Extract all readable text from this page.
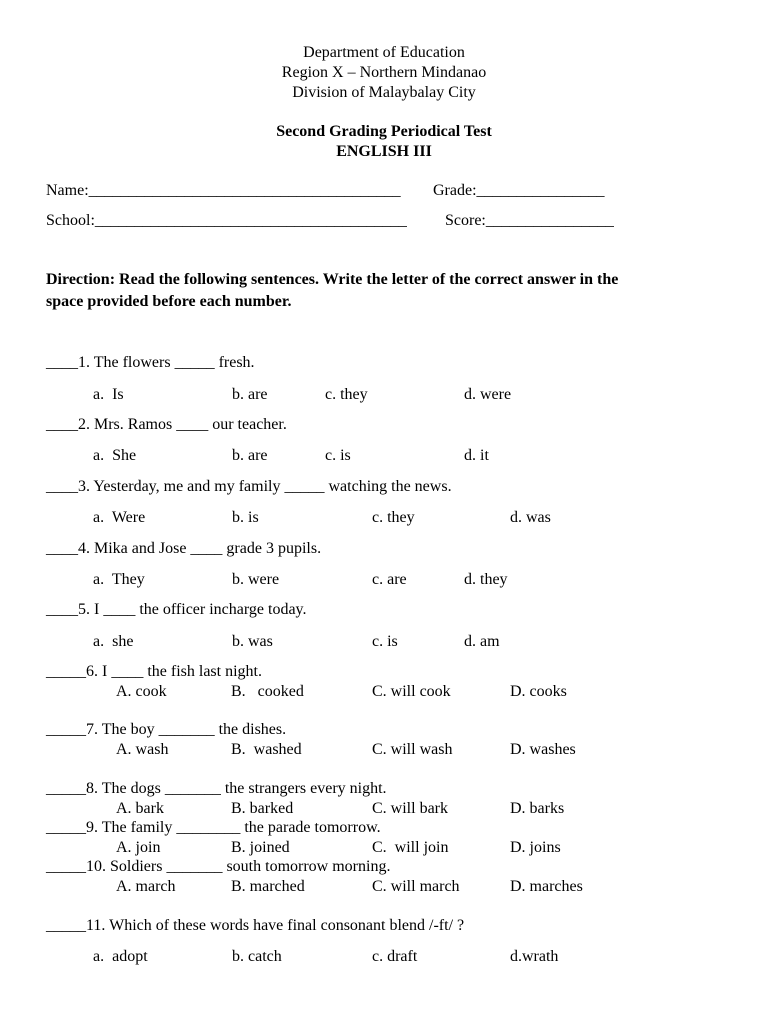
Department of Education
Region X – Northern Mindanao
Division of Malaybalay City
Second Grading Periodical Test
ENGLISH III
Name:_______________________________________ Grade:________________
School:_______________________________________ Score:________________
Direction: Read the following sentences. Write the letter of the correct answer in the
space provided before each number.
____1. The flowers _____ fresh.
a.  Is	b. are	c. they	d. were
____2. Mrs. Ramos ____ our teacher.
a.  She	b. are	c. is	d. it
____3. Yesterday, me and my family _____ watching the news.
a.  Were	b. is	c. they	d. was
____4. Mika and Jose ____ grade 3 pupils.
a.  They	b. were	c. are	d. they
____5. I ____ the officer incharge today.
a.  she	b. was	c. is	d. am
_____6. I ____ the fish last night.
A. cook	B.   cooked	C. will cook	D. cooks
_____7. The boy _______ the dishes.
A. wash	B.  washed	C. will wash	D. washes
_____8. The dogs _______ the strangers every night.
A. bark	B. barked	C. will bark	D. barks
_____9. The family ________ the parade tomorrow.
A. join	B. joined	C.  will join	D. joins
_____10. Soldiers _______ south tomorrow morning.
A. march	B. marched	C. will march	D. marches
_____11. Which of these words have final consonant blend /-ft/ ?
a.  adopt	b. catch	c. draft	d.wrath
